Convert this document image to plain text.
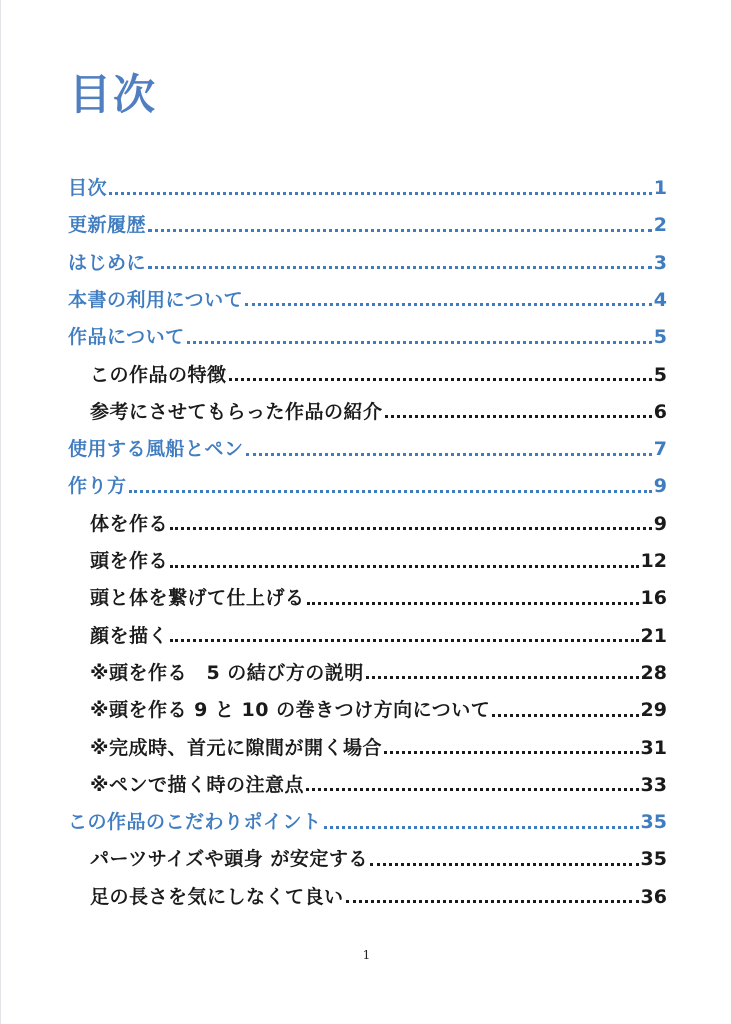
目次
目次	1
更新履歴	2
はじめに	3
本書の利用について	4
作品について	5
この作品の特徴	5
参考にさせてもらった作品の紹介	6
使用する風船とペン	7
作り方	9
体を作る	9
頭を作る	12
頭と体を繋げて仕上げる	16
顔を描く	21
※頭を作る　5 の結び方の説明	28
※頭を作る 9 と 10 の巻きつけ方向について	29
※完成時、首元に隙間が開く場合	31
※ペンで描く時の注意点	33
この作品のこだわりポイント	35
パーツサイズや頭身 が安定する	35
足の長さを気にしなくて良い	36
1
